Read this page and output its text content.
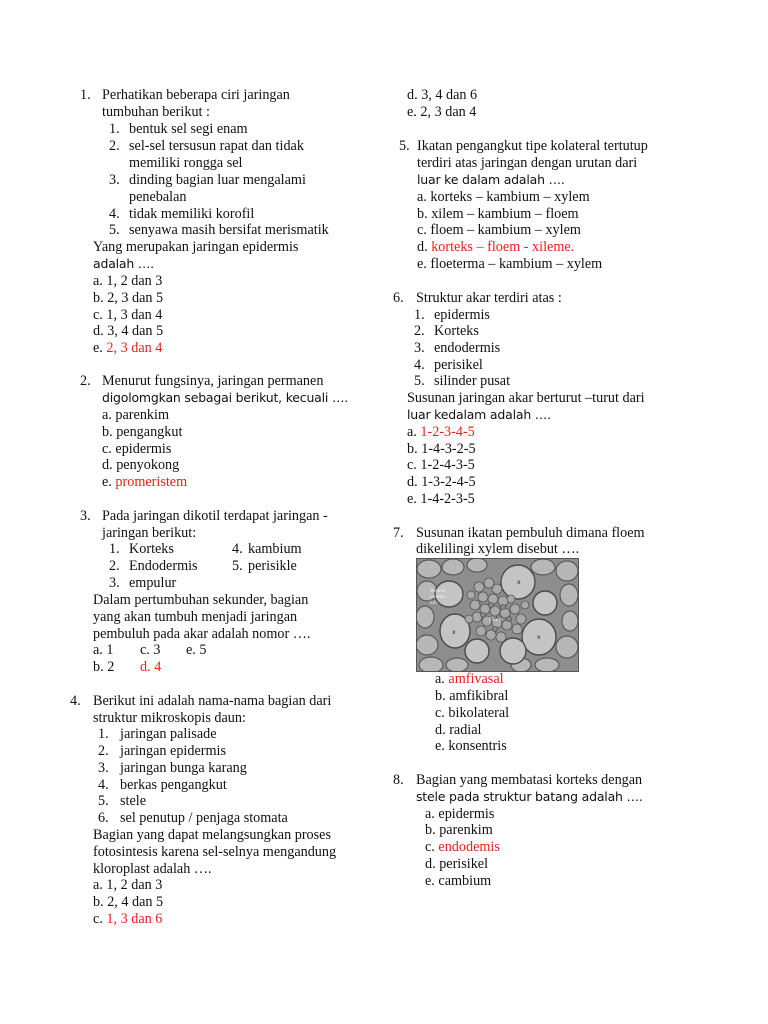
1. Perhatikan beberapa ciri jaringan
tumbuhan berikut :
1. bentuk sel segi enam
2. sel-sel tersusun rapat dan tidak
memiliki rongga sel
3. dinding bagian luar mengalami
penebalan
4. tidak memiliki korofil
5. senyawa masih bersifat merismatik
Yang merupakan jaringan epidermis
adalah ….
a. 1, 2 dan 3
b. 2, 3 dan 5
c. 1, 3 dan 4
d. 3, 4 dan 5
e. 2, 3 dan 4
2. Menurut fungsinya, jaringan permanen
digolomgkan sebagai berikut, kecuali ….
a. parenkim
b. pengangkut
c. epidermis
d. penyokong
e. promeristem
3. Pada jaringan dikotil terdapat jaringan -
jaringan berikut:
1. Korteks	4. kambium
2. Endodermis 5. perisikle
3. empulur
Dalam pertumbuhan sekunder, bagian
yang akan tumbuh menjadi jaringan
pembuluh pada akar adalah nomor ….
a. 1 c. 3 e. 5
b. 2 d. 4
4. Berikut ini adalah nama-nama bagian dari
struktur mikroskopis daun:
1. jaringan palisade
2. jaringan epidermis
3. jaringan bunga karang
4. berkas pengangkut
5. stele
6. sel penutup / penjaga stomata
Bagian yang dapat melangsungkan proses
fotosintesis karena sel-selnya mengandung
kloroplast adalah ….
a. 1, 2 dan 3
b. 2, 4 dan 5
c. 1, 3 dan 6
d. 3, 4 dan 6
e. 2, 3 dan 4
5. Ikatan pengangkut tipe kolateral tertutup
terdiri atas jaringan dengan urutan dari
luar ke dalam adalah ….
a. korteks – kambium – xylem
b. xilem – kambium – floem
c. floem – kambium – xylem
d. korteks – floem - xileme.
e. floeterma – kambium – xylem
6. Struktur akar terdiri atas :
1. epidermis
2. Korteks
3. endodermis
4. perisikel
5. silinder pusat
Susunan jaringan akar berturut –turut dari
luar kedalam adalah ….
a. 1-2-3-4-5
b. 1-4-3-2-5
c. 1-2-4-3-5
d. 1-3-2-4-5
e. 1-4-2-3-5
7. Susunan ikatan pembuluh dimana floem
dikelilingi xylem disebut ….
x
x
x
Berkas
pembu-
luh
Floem
a. amfivasal
b. amfikibral
c. bikolateral
d. radial
e. konsentris
8. Bagian yang membatasi korteks dengan
stele pada struktur batang adalah ….
a. epidermis
b. parenkim
c. endodemis
d. perisikel
e. cambium
